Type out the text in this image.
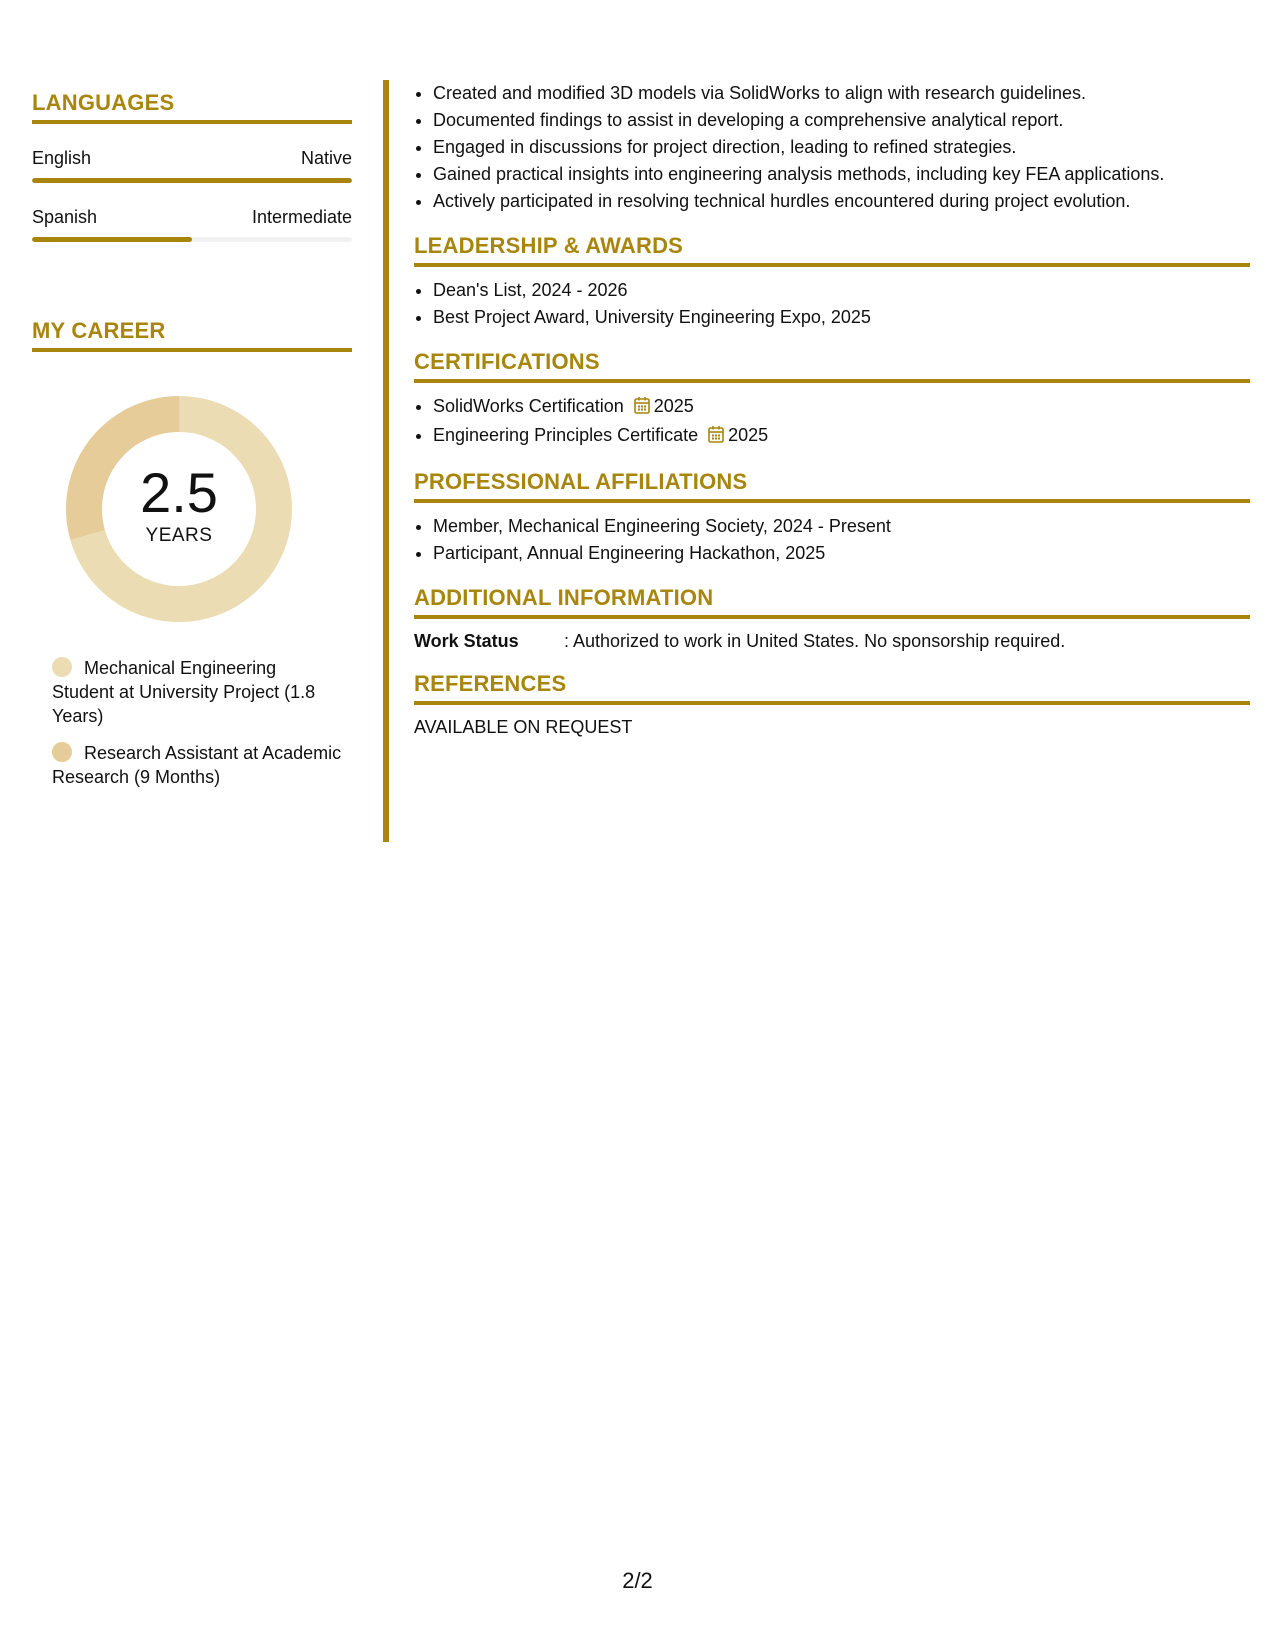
LANGUAGES
English	Native
Spanish	Intermediate
MY CAREER
2.5
YEARS
Mechanical Engineering Student at University Project (1.8 Years)
Research Assistant at Academic Research (9 Months)
• Created and modified 3D models via SolidWorks to align with research guidelines.
• Documented findings to assist in developing a comprehensive analytical report.
• Engaged in discussions for project direction, leading to refined strategies.
• Gained practical insights into engineering analysis methods, including key FEA applications.
• Actively participated in resolving technical hurdles encountered during project evolution.
LEADERSHIP & AWARDS
• Dean's List, 2024 - 2026
• Best Project Award, University Engineering Expo, 2025
CERTIFICATIONS
• SolidWorks Certification 2025
• Engineering Principles Certificate 2025
PROFESSIONAL AFFILIATIONS
• Member, Mechanical Engineering Society, 2024 - Present
• Participant, Annual Engineering Hackathon, 2025
ADDITIONAL INFORMATION
Work Status	: Authorized to work in United States. No sponsorship required.
REFERENCES
AVAILABLE ON REQUEST
2/2
